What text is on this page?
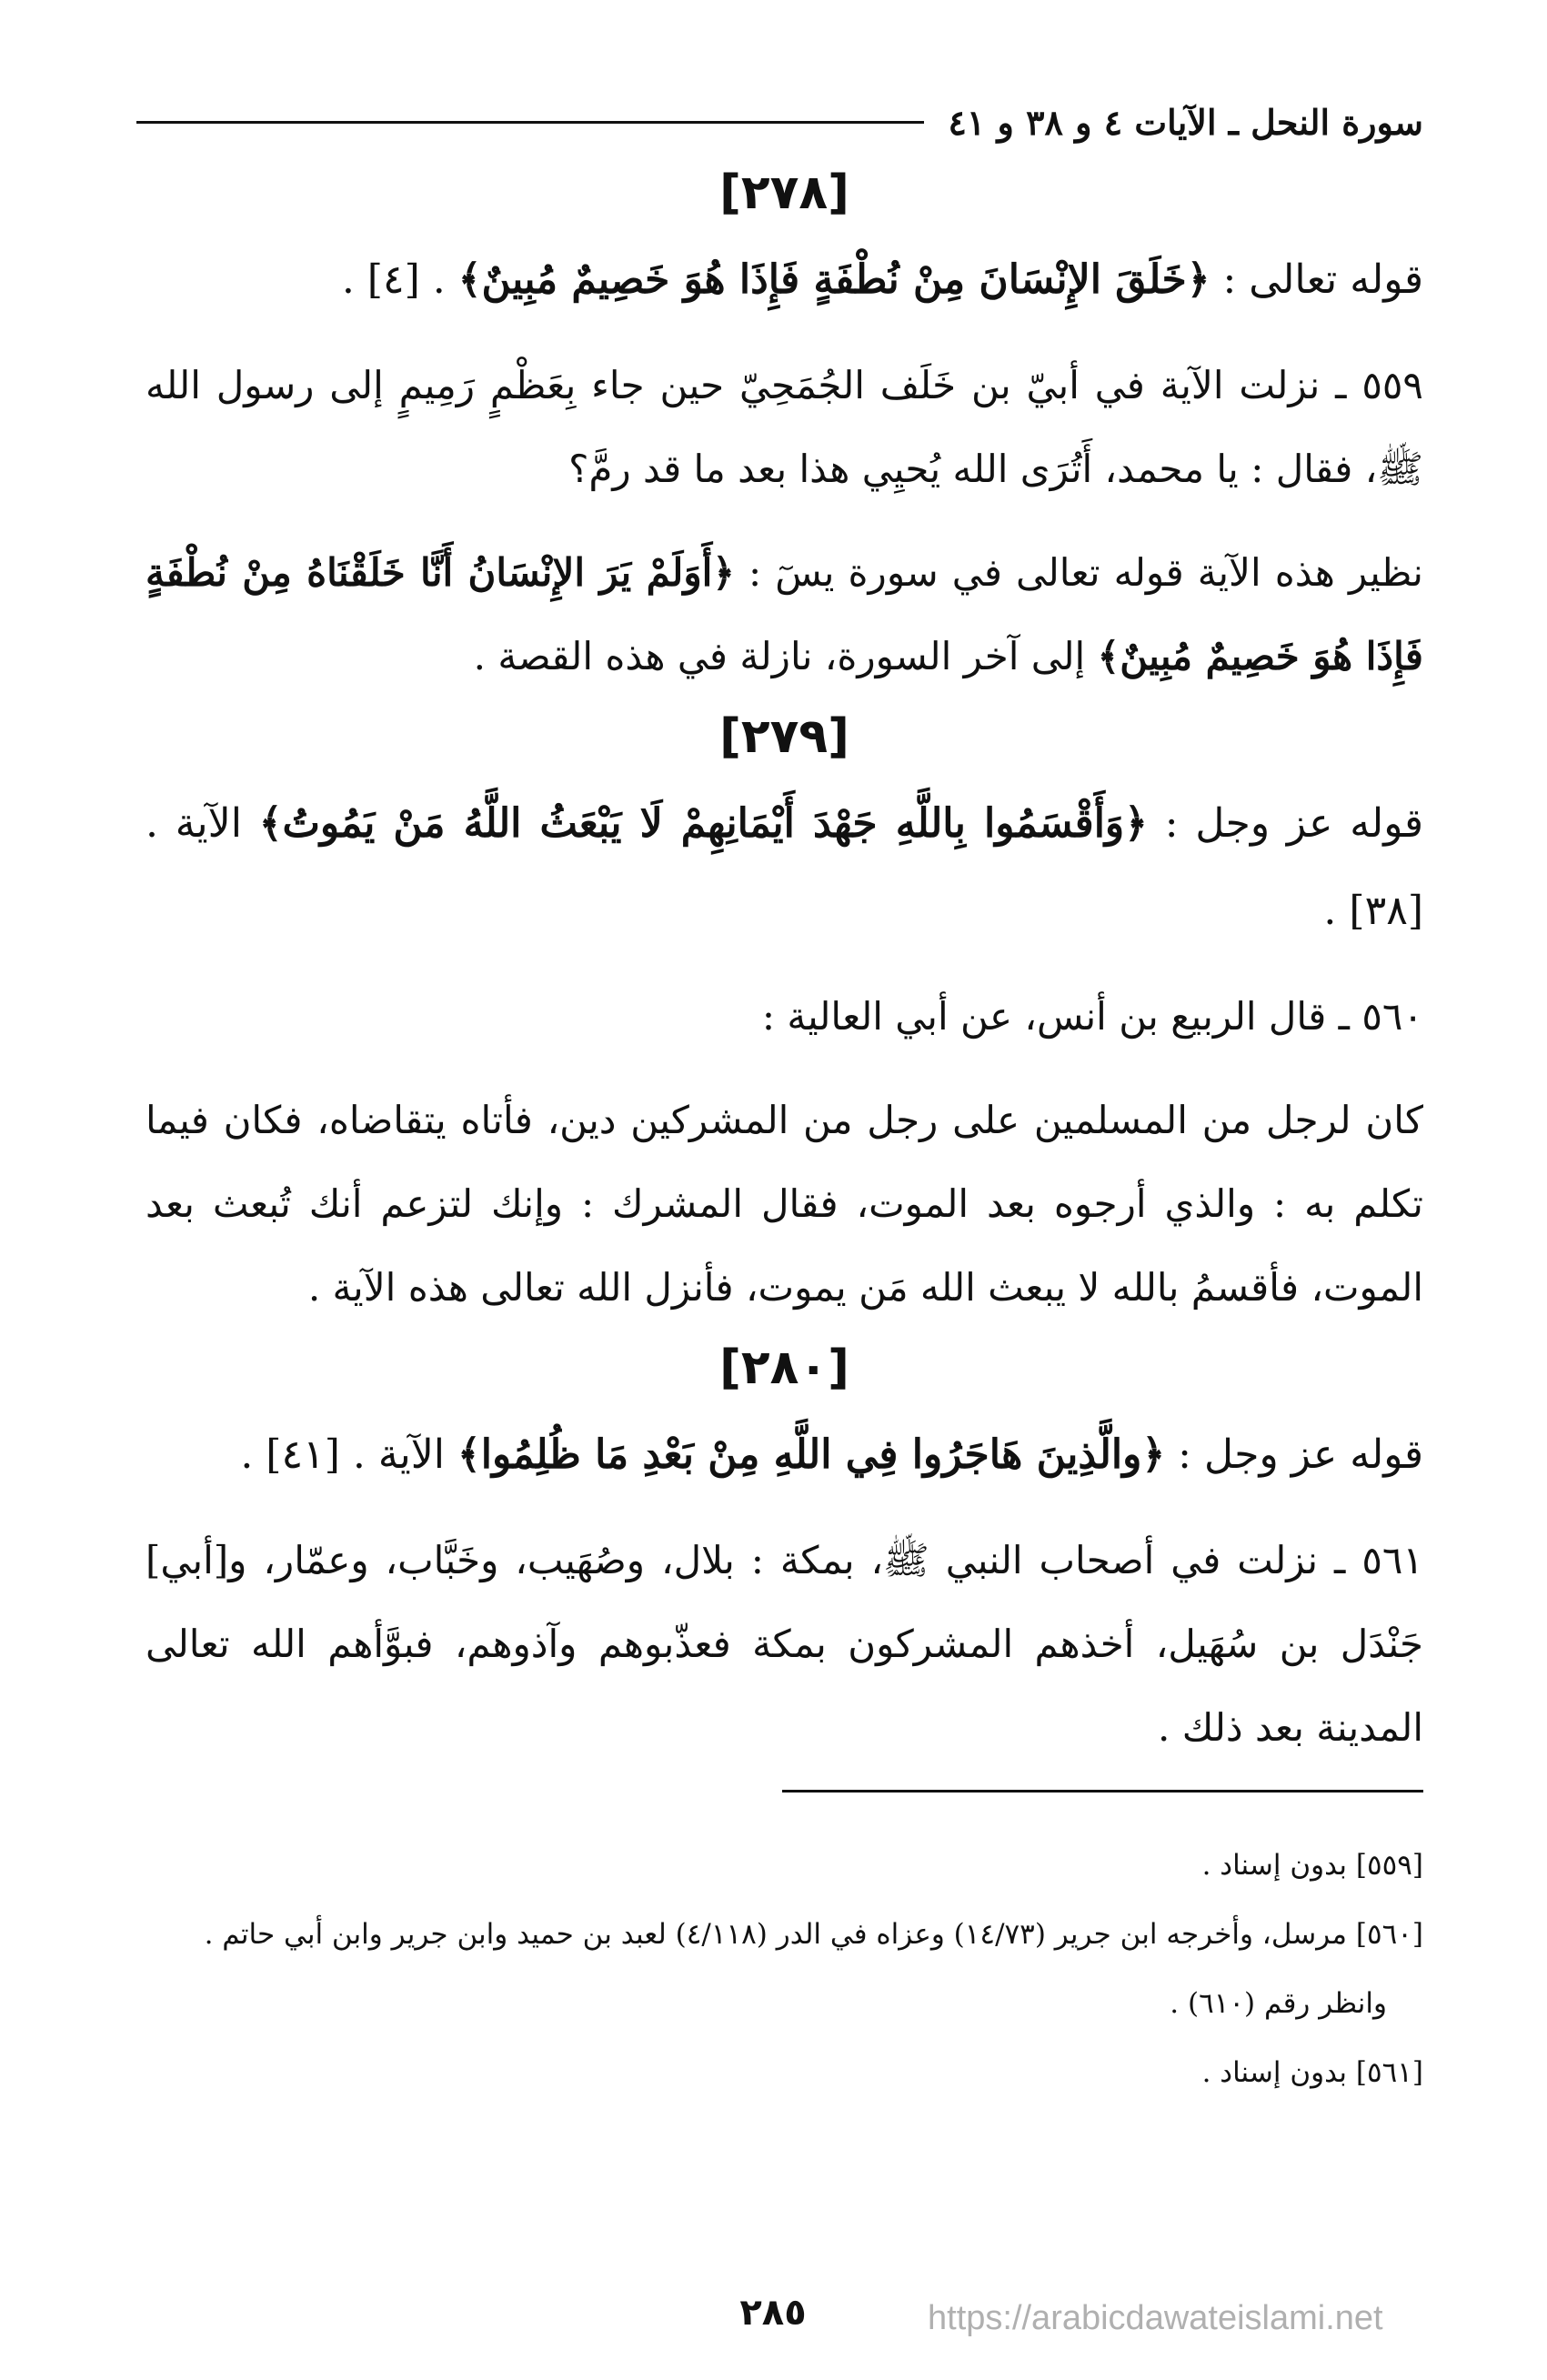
سورة النحل ـ الآيات ٤ و ٣٨ و ٤١
[٢٧٨]

قوله تعالى : ﴿خَلَقَ الإِنْسَانَ مِنْ نُطْفَةٍ فَإِذَا هُوَ خَصِيمٌ مُبِينٌ﴾ . [٤] .

٥٥٩ ـ نزلت الآية في أبيّ بن خَلَف الجُمَحِيّ حين جاء بِعَظْمٍ رَمِيمٍ إلى رسول الله ﷺ، فقال : يا محمد، أَتُرَى الله يُحيِي هذا بعد ما قد رمَّ؟

نظير هذه الآية قوله تعالى في سورة يسٓ : ﴿أَوَلَمْ يَرَ الإِنْسَانُ أَنَّا خَلَقْنَاهُ مِنْ نُطْفَةٍ فَإِذَا هُوَ خَصِيمٌ مُبِينٌ﴾ إلى آخر السورة، نازلة في هذه القصة .

[٢٧٩]

قوله عز وجل : ﴿وَأَقْسَمُوا بِاللَّهِ جَهْدَ أَيْمَانِهِمْ لَا يَبْعَثُ اللَّهُ مَنْ يَمُوتُ﴾ الآية . [٣٨] .

٥٦٠ ـ قال الربيع بن أنس، عن أبي العالية :

كان لرجل من المسلمين على رجل من المشركين دين، فأتاه يتقاضاه، فكان فيما تكلم به : والذي أرجوه بعد الموت، فقال المشرك : وإنك لتزعم أنك تُبعث بعد الموت، فأقسمُ بالله لا يبعث الله مَن يموت، فأنزل الله تعالى هذه الآية .

[٢٨٠]

قوله عز وجل : ﴿والَّذِينَ هَاجَرُوا فِي اللَّهِ مِنْ بَعْدِ مَا ظُلِمُوا﴾ الآية . [٤١] .

٥٦١ ـ نزلت في أصحاب النبي ﷺ، بمكة : بلال، وصُهَيب، وخَبَّاب، وعمّار، و[أبي] جَنْدَل بن سُهَيل، أخذهم المشركون بمكة فعذّبوهم وآذوهم، فبوَّأهم الله تعالى المدينة بعد ذلك .

[٥٥٩] بدون إسناد .

[٥٦٠] مرسل، وأخرجه ابن جرير (١٤/٧٣) وعزاه في الدر (٤/١١٨) لعبد بن حميد وابن جرير وابن أبي حاتم .

وانظر رقم (٦١٠) .

[٥٦١] بدون إسناد .

٢٨٥	https://arabicdawateislami.net
